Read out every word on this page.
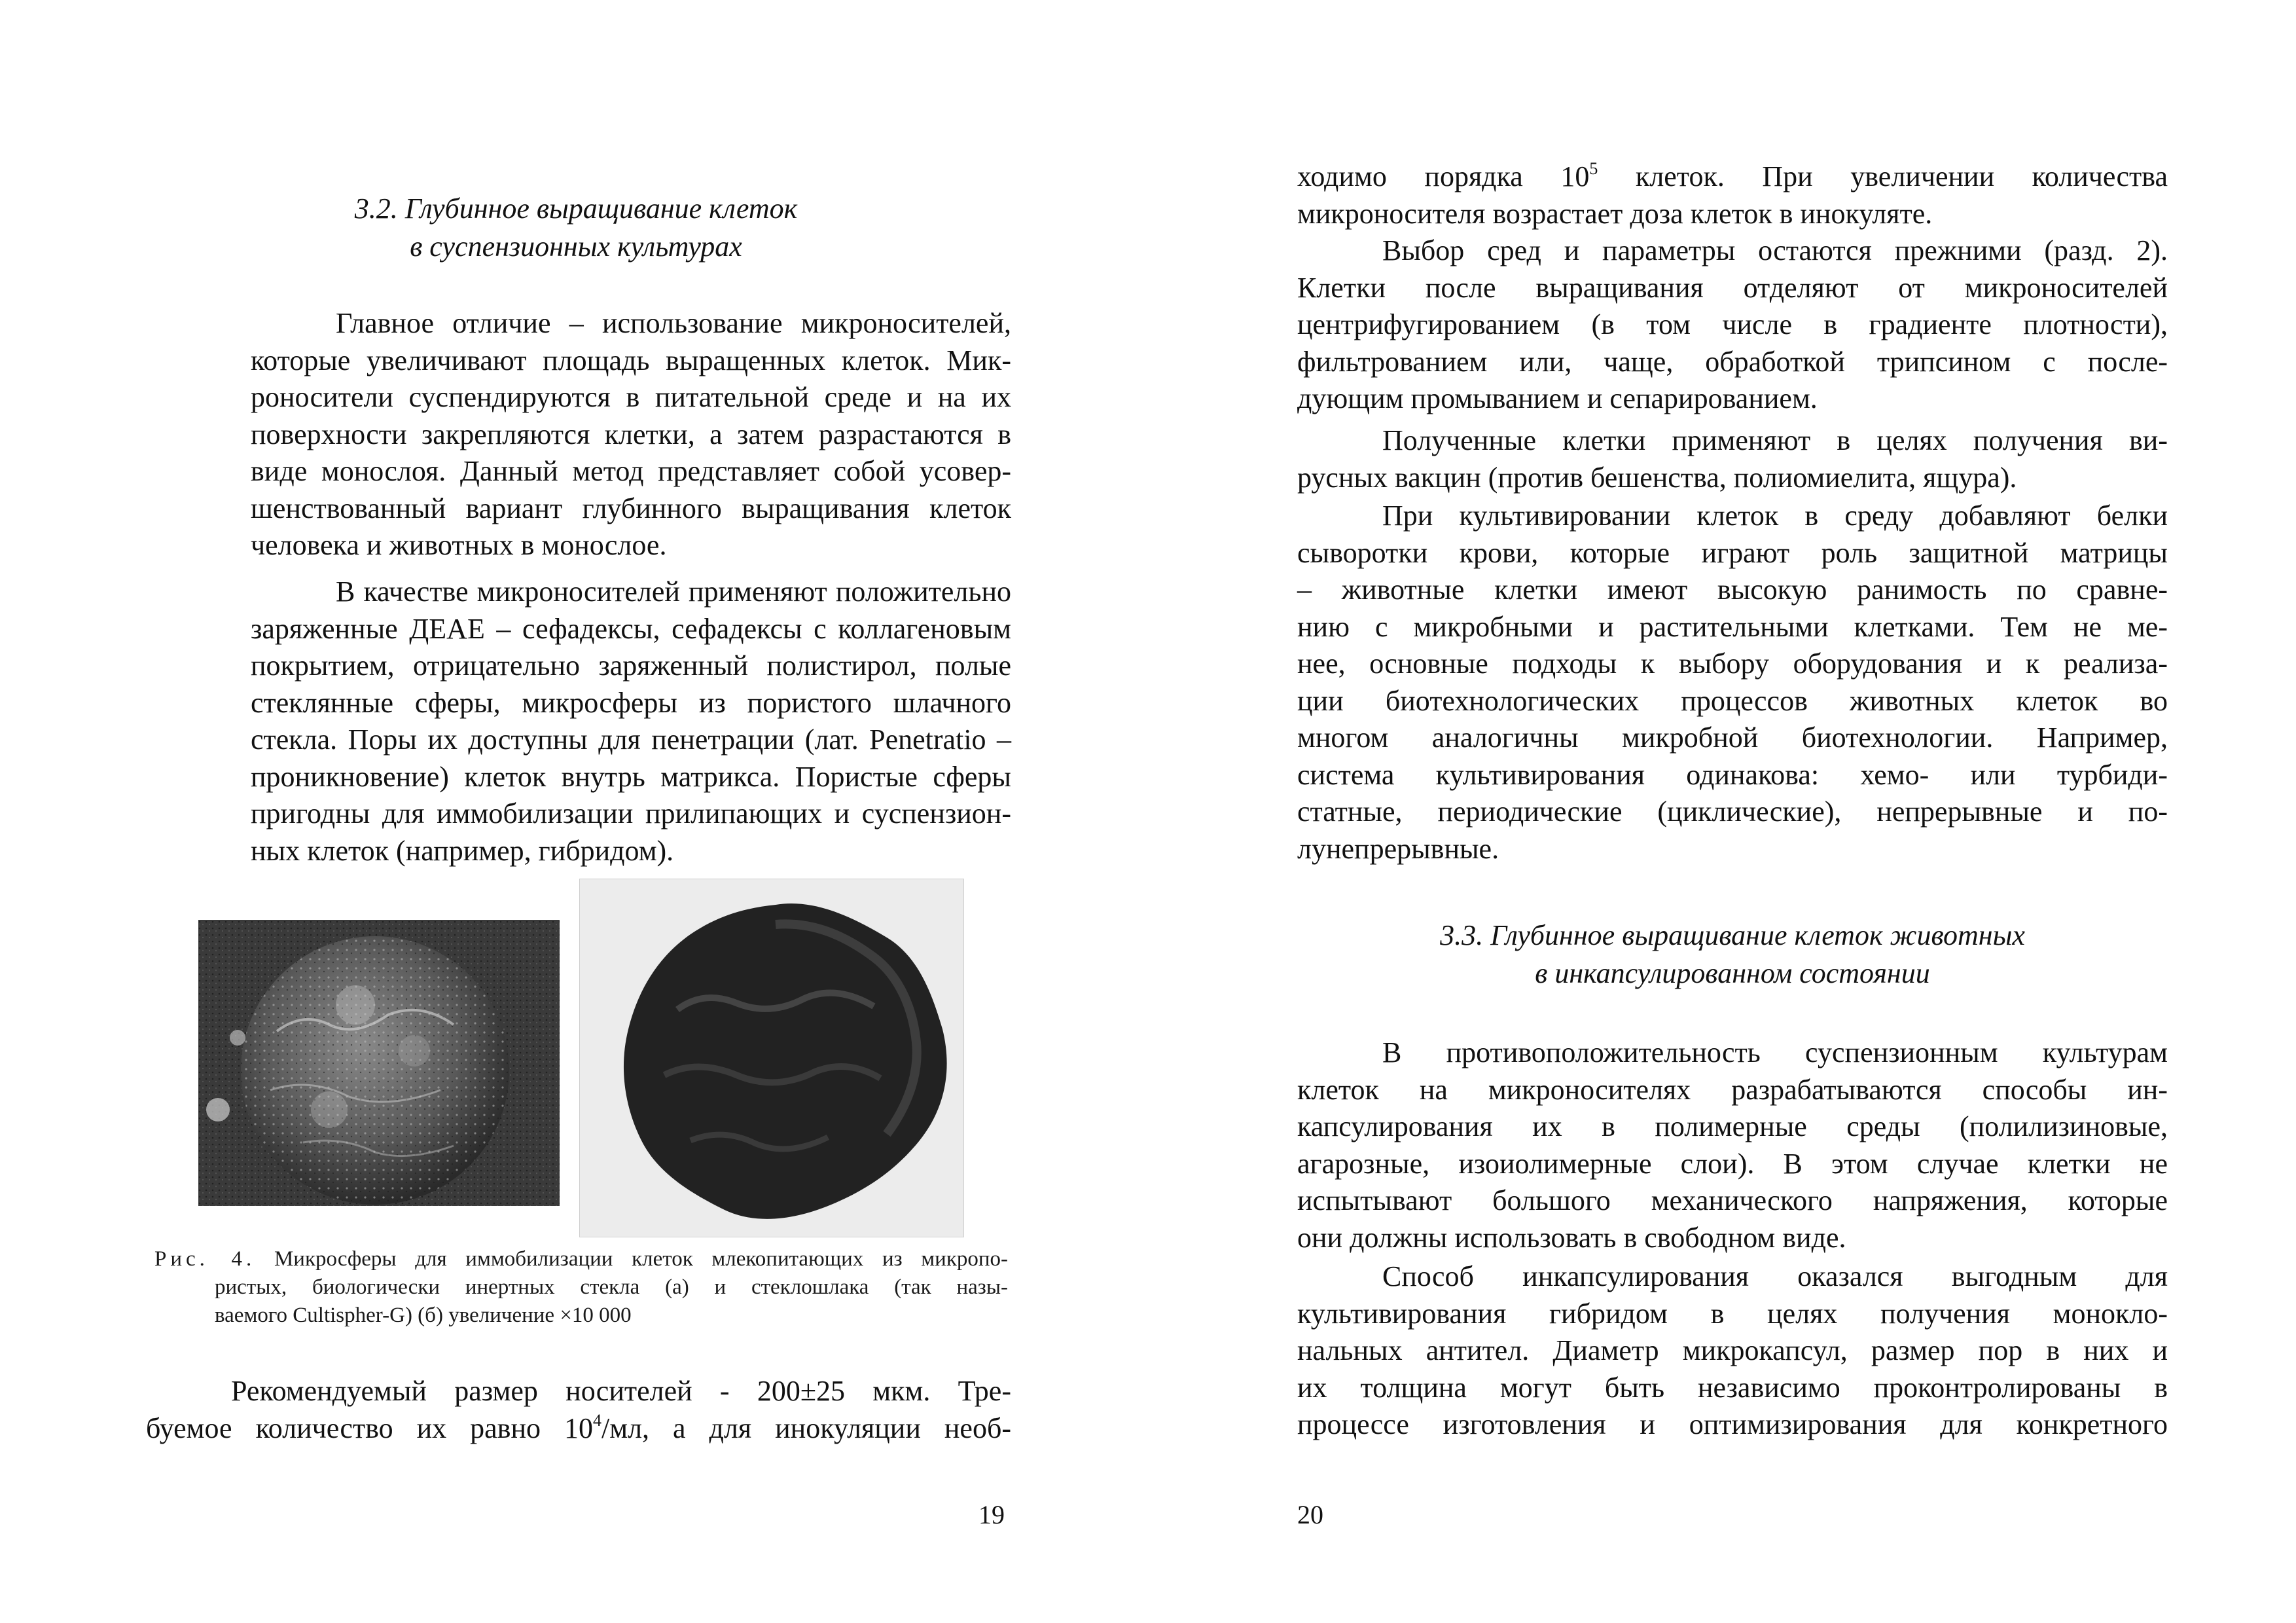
3.2. Глубинное выращивание клеток
в суспензионных культурах
Главное отличие – использование микроносителей,
которые увеличивают площадь выращенных клеток. Мик-
роносители суспендируются в питательной среде и на их
поверхности закрепляются клетки, а затем разрастаются в
виде монослоя. Данный метод представляет собой усовер-
шенствованный вариант глубинного выращивания клеток
человека и животных в монослое.
В качестве микроносителей применяют положительно
заряженные ДЕАЕ – сефадексы, сефадексы с коллагеновым
покрытием, отрицательно заряженный полистирол, полые
стеклянные сферы, микросферы из пористого шлачного
стекла. Поры их доступны для пенетрации (лат. Penetratio –
проникновение) клеток внутрь матрикса. Пористые сферы
пригодны для иммобилизации прилипающих и суспензион-
ных клеток (например, гибридом).
Рис. 4. Микросферы для иммобилизации клеток млекопитающих из микропо-
ристых, биологически инертных стекла (а) и стеклошлака (так назы-
ваемого Cultispher-G) (б) увеличение ×10 000
Рекомендуемый размер носителей - 200±25 мкм. Тре-
буемое количество их равно $10^4/мл$, а для инокуляции необ-
19
ходимо порядка $10^5$ клеток. При увеличении количества
микроносителя возрастает доза клеток в инокуляте.
Выбор сред и параметры остаются прежними (разд. 2).
Клетки после выращивания отделяют от микроносителей
центрифугированием (в том числе в градиенте плотности),
фильтрованием или, чаще, обработкой трипсином с после-
дующим промыванием и сепарированием.
Полученные клетки применяют в целях получения ви-
русных вакцин (против бешенства, полиомиелита, ящура).
При культивировании клеток в среду добавляют белки
сыворотки крови, которые играют роль защитной матрицы
– животные клетки имеют высокую ранимость по сравне-
нию с микробными и растительными клетками. Тем не ме-
нее, основные подходы к выбору оборудования и к реализа-
ции биотехнологических процессов животных клеток во
многом аналогичны микробной биотехнологии. Например,
система культивирования одинакова: хемо- или турбиди-
статные, периодические (циклические), непрерывные и по-
лунепрерывные.
3.3. Глубинное выращивание клеток животных
в инкапсулированном состоянии
В противоположительность суспензионным культурам
клеток на микроносителях разрабатываются способы ин-
капсулирования их в полимерные среды (полилизиновые,
агарозные, изоиолимерные слои). В этом случае клетки не
испытывают большого механического напряжения, которые
они должны использовать в свободном виде.
Способ инкапсулирования оказался выгодным для
культивирования гибридом в целях получения моноклo-
нальных антител. Диаметр микрокапсул, размер пор в них и
их толщина могут быть независимо проконтролированы в
процессе изготовления и оптимизирования для конкретного
20
